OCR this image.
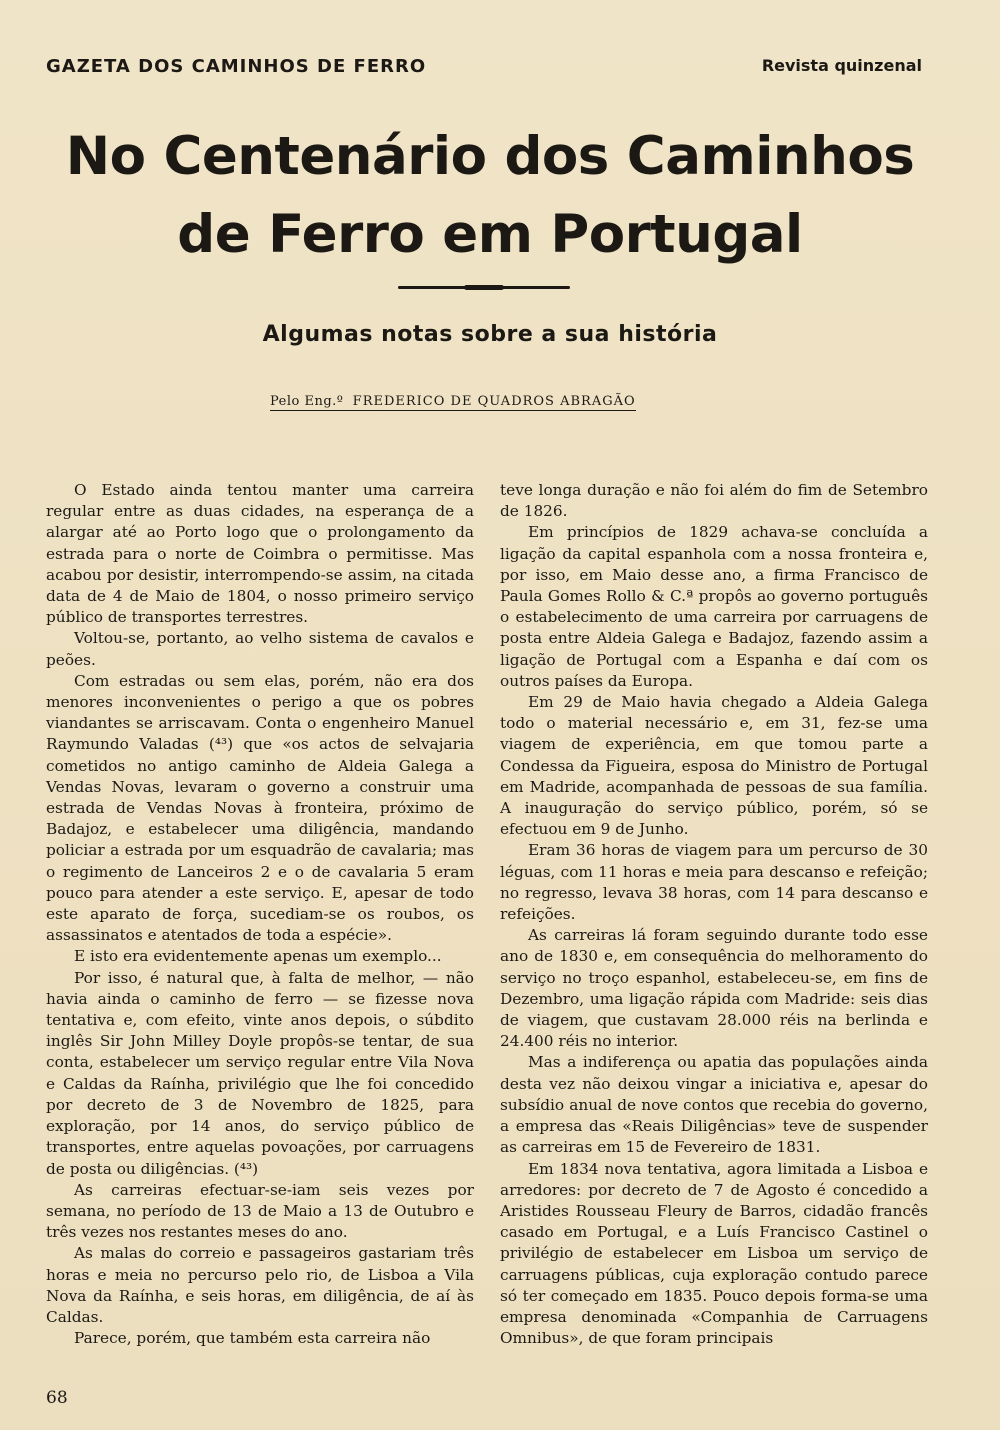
GAZETA DOS CAMINHOS DE FERRO	Revista quinzenal
No Centenário dos Caminhos de Ferro em Portugal
Algumas notas sobre a sua história
Pelo Eng.º FREDERICO DE QUADROS ABRAGÃO

O Estado ainda tentou manter uma carreira regular entre as duas cidades, na esperança de a alargar até ao Porto logo que o prolongamento da estrada para o norte de Coimbra o permitisse. Mas acabou por desistir, interrompendo-se assim, na citada data de 4 de Maio de 1804, o nosso primeiro serviço público de transportes terrestres.

Voltou-se, portanto, ao velho sistema de cavalos e peões.

Com estradas ou sem elas, porém, não era dos menores inconvenientes o perigo a que os pobres viandantes se arriscavam. Conta o engenheiro Manuel Raymundo Valadas (⁴³) que «os actos de selvajaria cometidos no antigo caminho de Aldeia Galega a Vendas Novas, levaram o governo a construir uma estrada de Vendas Novas à fronteira, próximo de Badajoz, e estabelecer uma diligência, mandando policiar a estrada por um esquadrão de cavalaria; mas o regimento de Lanceiros 2 e o de cavalaria 5 eram pouco para atender a este serviço. E, apesar de todo este aparato de força, sucediam-se os roubos, os assassinatos e atentados de toda a espécie».

E isto era evidentemente apenas um exemplo...

Por isso, é natural que, à falta de melhor, — não havia ainda o caminho de ferro — se fizesse nova tentativa e, com efeito, vinte anos depois, o súbdito inglês Sir John Milley Doyle propôs-se tentar, de sua conta, estabelecer um serviço regular entre Vila Nova e Caldas da Raínha, privilégio que lhe foi concedido por decreto de 3 de Novembro de 1825, para exploração, por 14 anos, do serviço público de transportes, entre aquelas povoações, por carruagens de posta ou diligências. (⁴³)

As carreiras efectuar-se-iam seis vezes por semana, no período de 13 de Maio a 13 de Outubro e três vezes nos restantes meses do ano.

As malas do correio e passageiros gastariam três horas e meia no percurso pelo rio, de Lisboa a Vila Nova da Raínha, e seis horas, em diligência, de aí às Caldas.

Parece, porém, que também esta carreira não

teve longa duração e não foi além do fim de Setembro de 1826.

Em princípios de 1829 achava-se concluída a ligação da capital espanhola com a nossa fronteira e, por isso, em Maio desse ano, a firma Francisco de Paula Gomes Rollo & C.ª propôs ao governo português o estabelecimento de uma carreira por carruagens de posta entre Aldeia Galega e Badajoz, fazendo assim a ligação de Portugal com a Espanha e daí com os outros países da Europa.

Em 29 de Maio havia chegado a Aldeia Galega todo o material necessário e, em 31, fez-se uma viagem de experiência, em que tomou parte a Condessa da Figueira, esposa do Ministro de Portugal em Madride, acompanhada de pessoas de sua família. A inauguração do serviço público, porém, só se efectuou em 9 de Junho.

Eram 36 horas de viagem para um percurso de 30 léguas, com 11 horas e meia para descanso e refeição; no regresso, levava 38 horas, com 14 para descanso e refeições.

As carreiras lá foram seguindo durante todo esse ano de 1830 e, em consequência do melhoramento do serviço no troço espanhol, estabeleceu-se, em fins de Dezembro, uma ligação rápida com Madride: seis dias de viagem, que custavam 28.000 réis na berlinda e 24.400 réis no interior.

Mas a indiferença ou apatia das populações ainda desta vez não deixou vingar a iniciativa e, apesar do subsídio anual de nove contos que recebia do governo, a empresa das «Reais Diligências» teve de suspender as carreiras em 15 de Fevereiro de 1831.

Em 1834 nova tentativa, agora limitada a Lisboa e arredores: por decreto de 7 de Agosto é concedido a Aristides Rousseau Fleury de Barros, cidadão francês casado em Portugal, e a Luís Francisco Castinel o privilégio de estabelecer em Lisboa um serviço de carruagens públicas, cuja exploração contudo parece só ter começado em 1835. Pouco depois forma-se uma empresa denominada «Companhia de Carruagens Omnibus», de que foram principais

68
